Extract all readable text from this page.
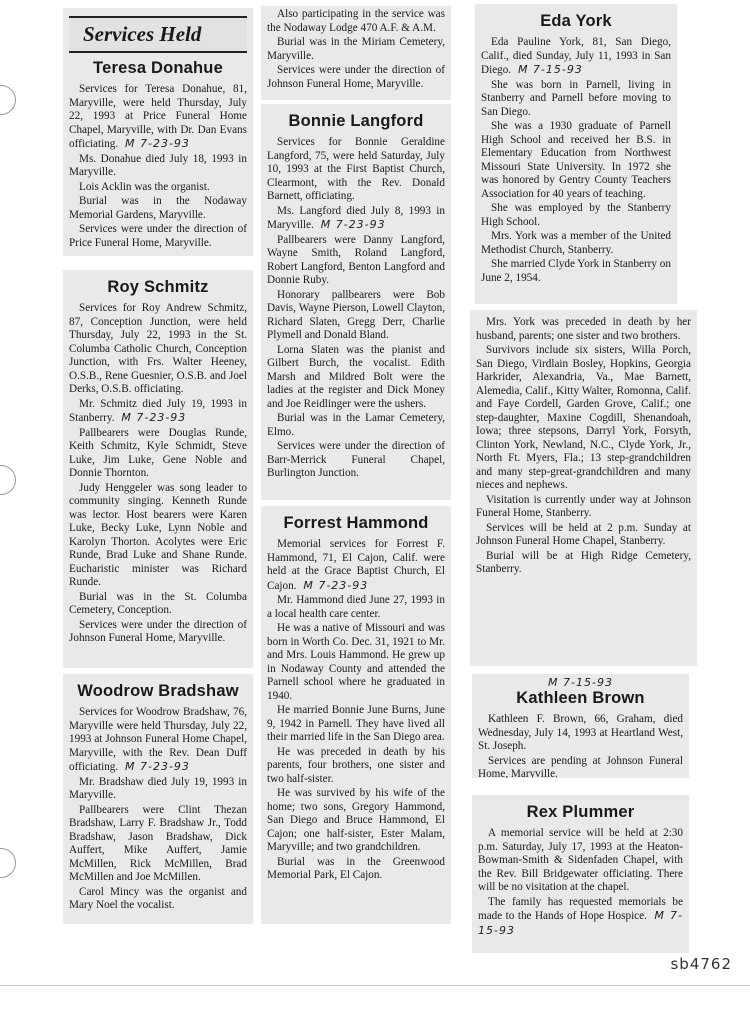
Services Held
Teresa Donahue

Services for Teresa Donahue, 81, Maryville, were held Thursday, July 22, 1993 at Price Funeral Home Chapel, Maryville, with Dr. Dan Evans officiating. M 7-23-93

Ms. Donahue died July 18, 1993 in Maryville.

Lois Acklin was the organist.

Burial was in the Nodaway Memorial Gardens, Maryville.

Services were under the direction of Price Funeral Home, Maryville.

Roy Schmitz

Services for Roy Andrew Schmitz, 87, Conception Junction, were held Thursday, July 22, 1993 in the St. Columba Catholic Church, Conception Junction, with Frs. Walter Heeney, O.S.B., Rene Guesnier, O.S.B. and Joel Derks, O.S.B. officiating.

Mr. Schmitz died July 19, 1993 in Stanberry. M 7-23-93

Pallbearers were Douglas Runde, Keith Schmitz, Kyle Schmidt, Steve Luke, Jim Luke, Gene Noble and Donnie Thornton.

Judy Henggeler was song leader to community singing. Kenneth Runde was lector. Host bearers were Karen Luke, Becky Luke, Lynn Noble and Karolyn Thorton. Acolytes were Eric Runde, Brad Luke and Shane Runde. Eucharistic minister was Richard Runde.

Burial was in the St. Columba Cemetery, Conception.

Services were under the direction of Johnson Funeral Home, Maryville.

Woodrow Bradshaw

Services for Woodrow Bradshaw, 76, Maryville were held Thursday, July 22, 1993 at Johnson Funeral Home Chapel, Maryville, with the Rev. Dean Duff officiating. M 7-23-93

Mr. Bradshaw died July 19, 1993 in Maryville.

Pallbearers were Clint Thezan Bradshaw, Larry F. Bradshaw Jr., Todd Bradshaw, Jason Bradshaw, Dick Auffert, Mike Auffert, Jamie McMillen, Rick McMillen, Brad McMillen and Joe McMillen.

Carol Mincy was the organist and Mary Noel the vocalist.

Also participating in the service was the Nodaway Lodge 470 A.F. & A.M.

Burial was in the Miriam Cemetery, Maryville.

Services were under the direction of Johnson Funeral Home, Maryville.

Bonnie Langford

Services for Bonnie Geraldine Langford, 75, were held Saturday, July 10, 1993 at the First Baptist Church, Clearmont, with the Rev. Donald Barnett, officiating.

Ms. Langford died July 8, 1993 in Maryville. M 7-23-93

Pallbearers were Danny Langford, Wayne Smith, Roland Langford, Robert Langford, Benton Langford and Donnie Ruby.

Honorary pallbearers were Bob Davis, Wayne Pierson, Lowell Clayton, Richard Slaten, Gregg Derr, Charlie Plymell and Donald Bland.

Lorna Slaten was the pianist and Gilbert Burch, the vocalist. Edith Marsh and Mildred Bolt were the ladies at the register and Dick Money and Joe Reidlinger were the ushers.

Burial was in the Lamar Cemetery, Elmo.

Services were under the direction of Barr-Merrick Funeral Chapel, Burlington Junction.

Forrest Hammond

Memorial services for Forrest F. Hammond, 71, El Cajon, Calif. were held at the Grace Baptist Church, El Cajon. M 7-23-93

Mr. Hammond died June 27, 1993 in a local health care center.

He was a native of Missouri and was born in Worth Co. Dec. 31, 1921 to Mr. and Mrs. Louis Hammond. He grew up in Nodaway County and attended the Parnell school where he graduated in 1940.

He married Bonnie June Burns, June 9, 1942 in Parnell. They have lived all their married life in the San Diego area.

He was preceded in death by his parents, four brothers, one sister and two half-sister.

He was survived by his wife of the home; two sons, Gregory Hammond, San Diego and Bruce Hammond, El Cajon; one half-sister, Ester Malam, Maryville; and two grandchildren.

Burial was in the Greenwood Memorial Park, El Cajon.

Eda York

Eda Pauline York, 81, San Diego, Calif., died Sunday, July 11, 1993 in San Diego. M 7-15-93

She was born in Parnell, living in Stanberry and Parnell before moving to San Diego.

She was a 1930 graduate of Parnell High School and received her B.S. in Elementary Education from Northwest Missouri State University. In 1972 she was honored by Gentry County Teachers Association for 40 years of teaching.

She was employed by the Stanberry High School.

Mrs. York was a member of the United Methodist Church, Stanberry.

She married Clyde York in Stanberry on June 2, 1954.

Mrs. York was preceded in death by her husband, parents; one sister and two brothers.

Survivors include six sisters, Willa Porch, San Diego, Virdlain Bosley, Hopkins, Georgia Harkrider, Alexandria, Va., Mae Barnett, Alemedia, Calif., Kitty Walter, Romonna, Calif. and Faye Cordell, Garden Grove, Calif.; one step-daughter, Maxine Cogdill, Shenandoah, Iowa; three stepsons, Darryl York, Forsyth, Clinton York, Newland, N.C., Clyde York, Jr., North Ft. Myers, Fla.; 13 step-grandchildren and many step-great-grandchildren and many nieces and nephews.

Visitation is currently under way at Johnson Funeral Home, Stanberry.

Services will be held at 2 p.m. Sunday at Johnson Funeral Home Chapel, Stanberry.

Burial will be at High Ridge Cemetery, Stanberry.

M 7-15-93
Kathleen Brown

Kathleen F. Brown, 66, Graham, died Wednesday, July 14, 1993 at Heartland West, St. Joseph.

Services are pending at Johnson Funeral Home, Maryville.

Rex Plummer

A memorial service will be held at 2:30 p.m. Saturday, July 17, 1993 at the Heaton-Bowman-Smith & Sidenfaden Chapel, with the Rev. Bill Bridgewater officiating. There will be no visitation at the chapel.

The family has requested memorials be made to the Hands of Hope Hospice. M 7-15-93

sb4762
